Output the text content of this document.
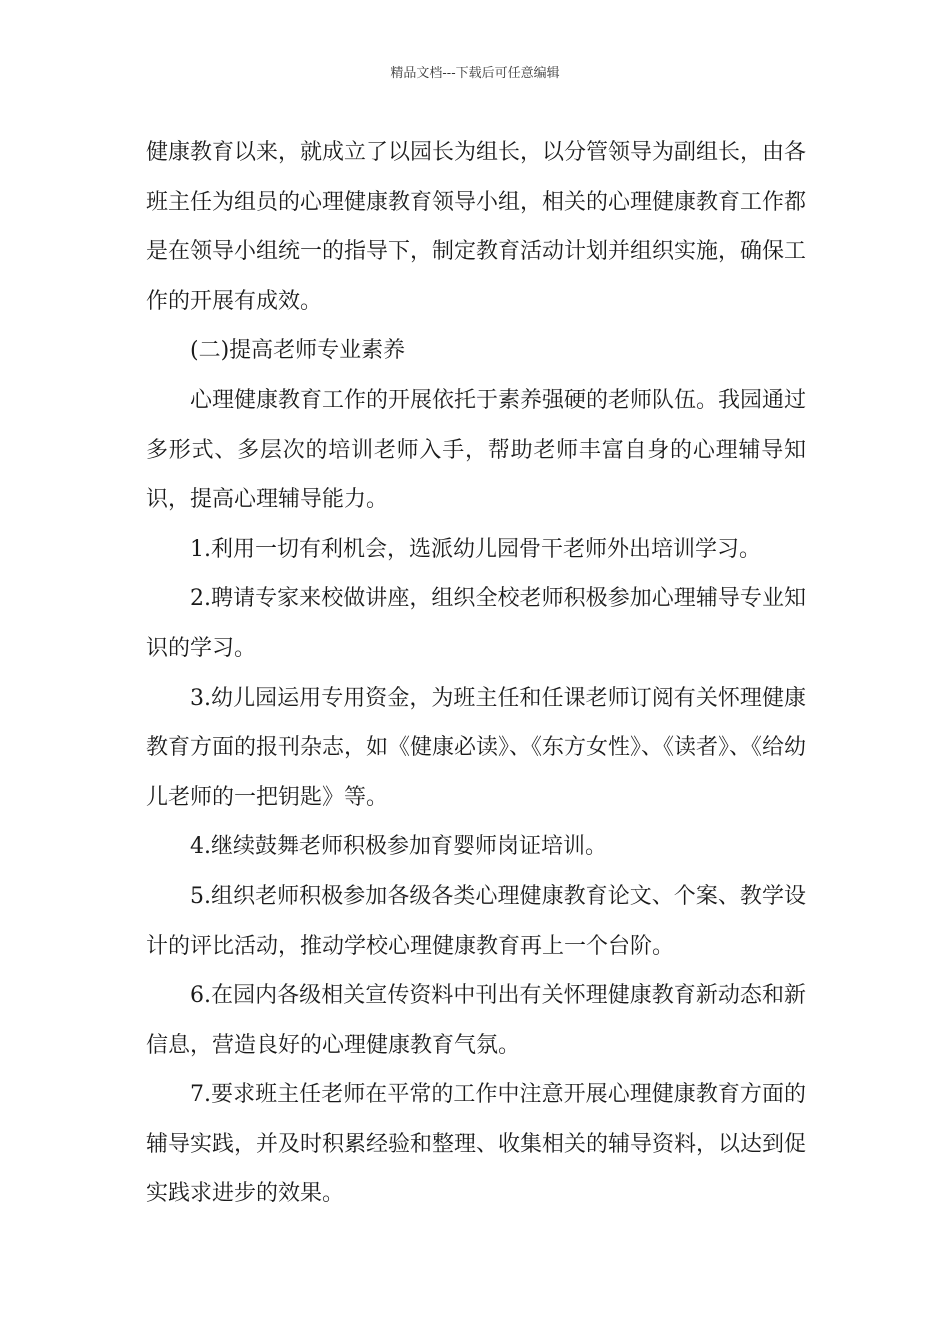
精品文档---下载后可任意编辑

健康教育以来，就成立了以园长为组长，以分管领导为副组长，由各班主任为组员的心理健康教育领导小组，相关的心理健康教育工作都是在领导小组统一的指导下，制定教育活动计划并组织实施，确保工作的开展有成效。

(二)提高老师专业素养

心理健康教育工作的开展依托于素养强硬的老师队伍。我园通过多形式、多层次的培训老师入手，帮助老师丰富自身的心理辅导知识，提高心理辅导能力。

1.利用一切有利机会，选派幼儿园骨干老师外出培训学习。

2.聘请专家来校做讲座，组织全校老师积极参加心理辅导专业知识的学习。

3.幼儿园运用专用资金，为班主任和任课老师订阅有关怀理健康教育方面的报刊杂志，如《健康必读》、《东方女性》、《读者》、《给幼儿老师的一把钥匙》等。

4.继续鼓舞老师积极参加育婴师岗证培训。

5.组织老师积极参加各级各类心理健康教育论文、个案、教学设计的评比活动，推动学校心理健康教育再上一个台阶。

6.在园内各级相关宣传资料中刊出有关怀理健康教育新动态和新信息，营造良好的心理健康教育气氛。

7.要求班主任老师在平常的工作中注意开展心理健康教育方面的辅导实践，并及时积累经验和整理、收集相关的辅导资料，以达到促实践求进步的效果。
